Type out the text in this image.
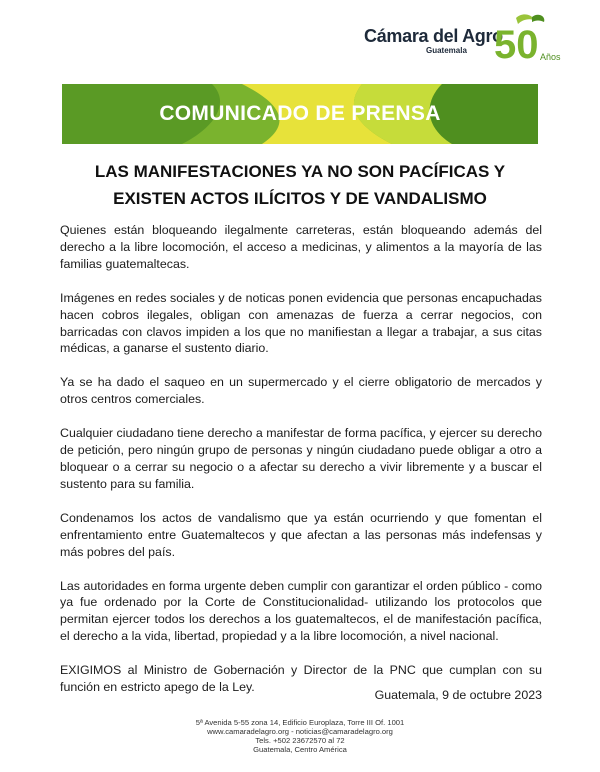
Cámara del Agro
Guatemala 50 Años
COMUNICADO DE PRENSA
LAS MANIFESTACIONES YA NO SON PACÍFICAS Y
EXISTEN ACTOS ILÍCITOS Y DE VANDALISMO

Quienes están bloqueando ilegalmente carreteras, están bloqueando además del derecho a la libre locomoción, el acceso a medicinas, y alimentos a la mayoría de las familias guatemaltecas.

Imágenes en redes sociales y de noticas ponen evidencia que personas encapuchadas hacen cobros ilegales, obligan con amenazas de fuerza a cerrar negocios, con barricadas con clavos impiden a los que no manifiestan a llegar a trabajar, a sus citas médicas, a ganarse el sustento diario.

Ya se ha dado el saqueo en un supermercado y el cierre obligatorio de mercados y otros centros comerciales.

Cualquier ciudadano tiene derecho a manifestar de forma pacífica, y ejercer su derecho de petición, pero ningún grupo de personas y ningún ciudadano puede obligar a otro a bloquear o a cerrar su negocio o a afectar su derecho a vivir libremente y a buscar el sustento para su familia.

Condenamos los actos de vandalismo que ya están ocurriendo y que fomentan el enfrentamiento entre Guatemaltecos y que afectan a las personas más indefensas y más pobres del país.

Las autoridades en forma urgente deben cumplir con garantizar el orden público - como ya fue ordenado por la Corte de Constitucionalidad- utilizando los protocolos que permitan ejercer todos los derechos a los guatemaltecos, el de manifestación pacífica, el derecho a la vida, libertad, propiedad y a la libre locomoción, a nivel nacional.

EXIGIMOS al Ministro de Gobernación y Director de la PNC que cumplan con su función en estricto apego de la Ley.

Guatemala, 9 de octubre 2023
5ª Avenida 5-55 zona 14, Edificio Europlaza, Torre III Of. 1001
www.camaradelagro.org - noticias@camaradelagro.org
Tels. +502 23672570 al 72
Guatemala, Centro América
